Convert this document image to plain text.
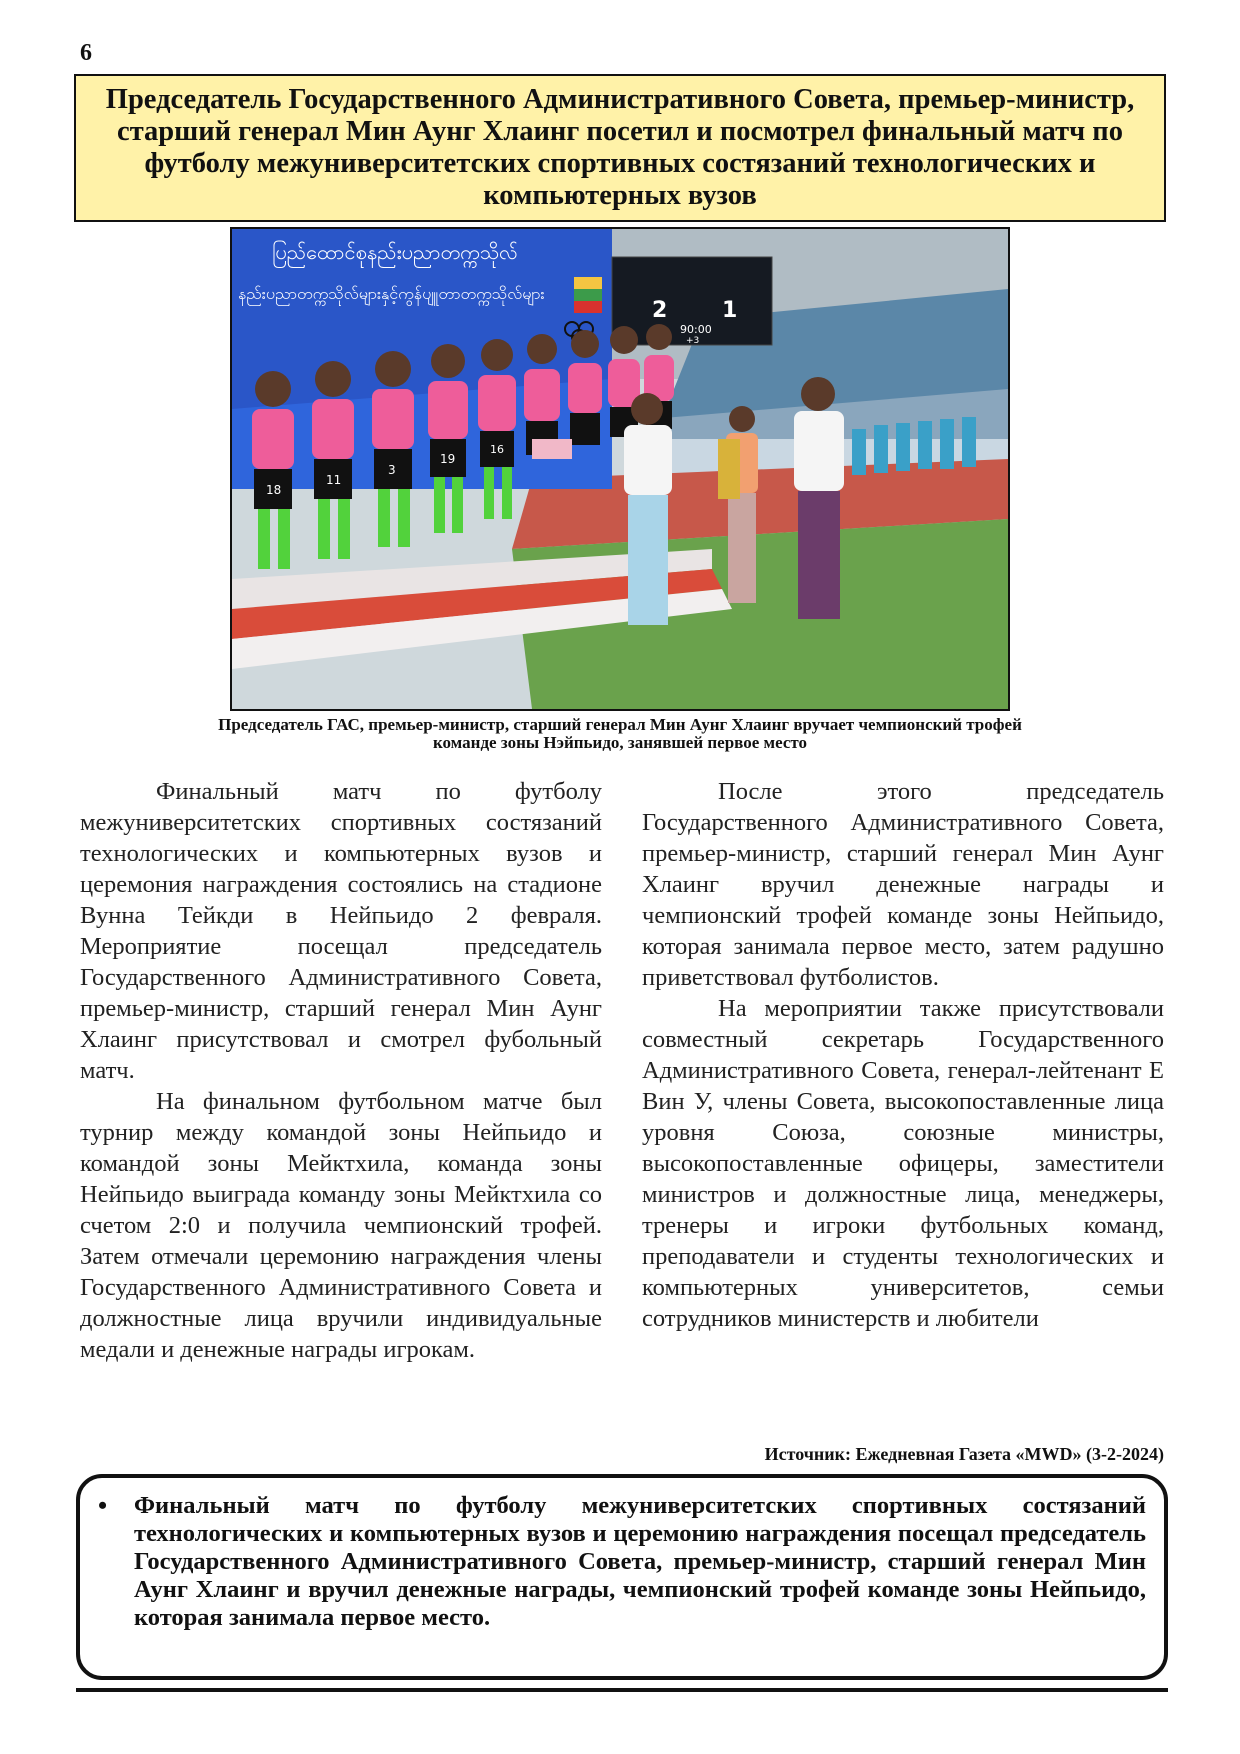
6
Председатель Государственного Административного Совета, премьер-министр, старший генерал Мин Аунг Хлаинг посетил и посмотрел финальный матч по футболу межуниверситетских спортивных состязаний технологических и компьютерных вузов
ပြည်ထောင်စုနည်းပညာတက္ကသိုလ်
နည်းပညာတက္ကသိုလ်များနှင့်ကွန်ပျူတာတက္ကသိုလ်များ
2 1
90:00
+3
18
11
3
19
16
Председатель ГАС, премьер-министр, старший генерал Мин Аунг Хлаинг вручает чемпионский трофей команде зоны Нэйпьидо, занявшей первое место

Финальный матч по футболу межуниверситетских спортивных состязаний технологических и компьютерных вузов и церемония награждения состоялись на стадионе Вунна Тейкди в Нейпьидо 2 февраля. Мероприятие посещал председатель Государственного Административного Совета, премьер-министр, старший генерал Мин Аунг Хлаинг присутствовал и смотрел фубольный матч.

На финальном футбольном матче был турнир между командой зоны Нейпьидо и командой зоны Мейктхила, команда зоны Нейпьидо выиграда команду зоны Мейктхила со счетом 2:0 и получила чемпионский трофей. Затем отмечали церемонию награждения члены Государственного Административного Совета и должностные лица вручили индивидуальные медали и денежные награды игрокам.

После этого председатель Государственного Административного Совета, премьер-министр, старший генерал Мин Аунг Хлаинг вручил денежные награды и чемпионский трофей команде зоны Нейпьидо, которая занимала первое место, затем радушно приветствовал футболистов.

На мероприятии также присутствовали совместный секретарь Государственного Административного Совета, генерал-лейтенант Е Вин У, члены Совета, высокопоставленные лица уровня Союза, союзные министры, высокопоставленные офицеры, заместители министров и должностные лица, менеджеры, тренеры и игроки футбольных команд, преподаватели и студенты технологических и компьютерных университетов, семьи сотрудников министерств и любители

Источник: Ежедневная Газета «MWD» (3-2-2024)
• Финальный матч по футболу межуниверситетских спортивных состязаний технологических и компьютерных вузов и церемонию награждения посещал председатель Государственного Административного Совета, премьер-министр, старший генерал Мин Аунг Хлаинг и вручил денежные награды, чемпионский трофей команде зоны Нейпьидо, которая занимала первое место.
